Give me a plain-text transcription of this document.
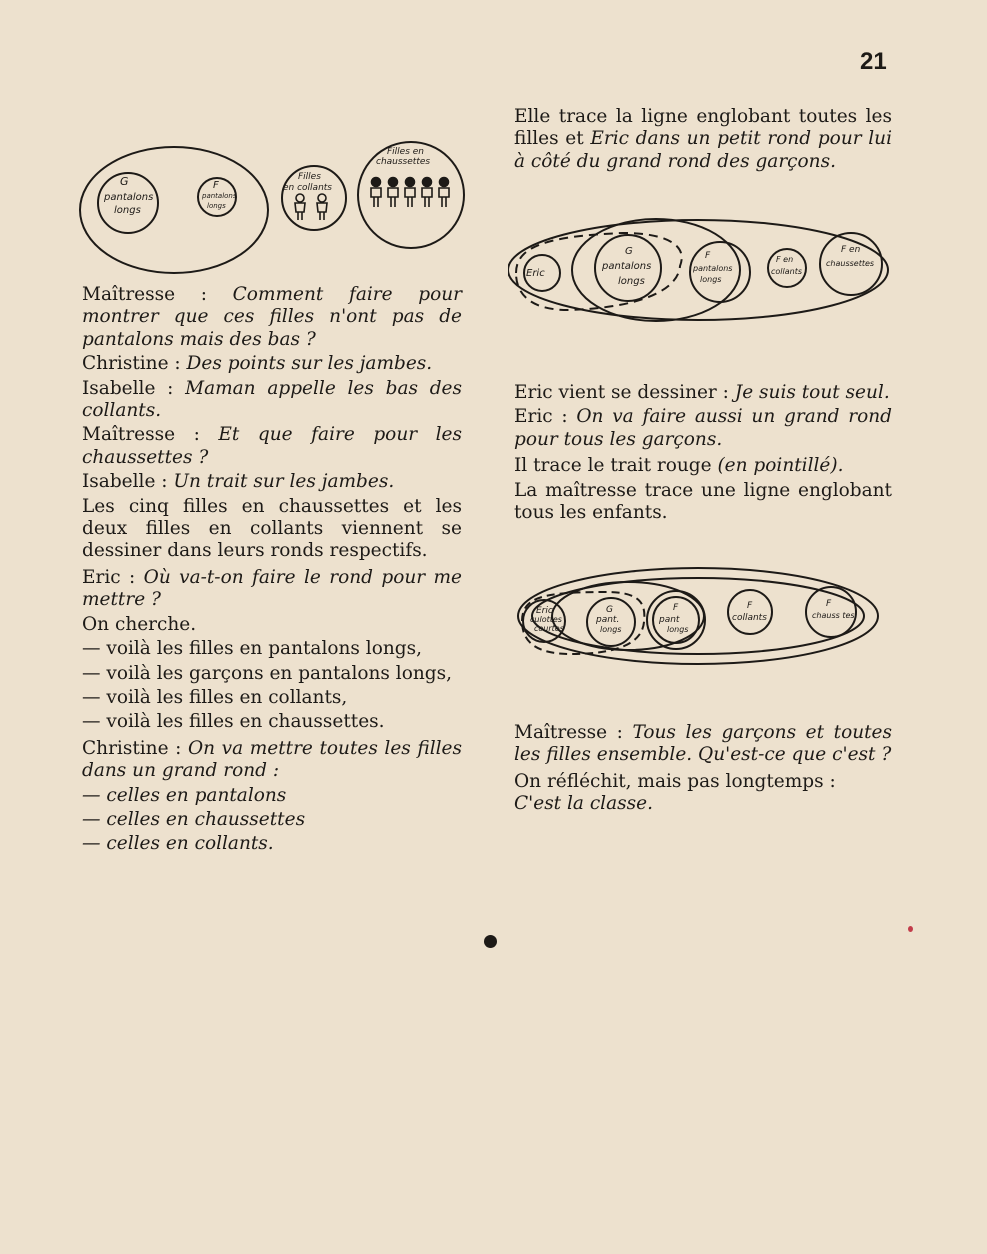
21
G
pantalons
longs
F
pantalons
longs
Filles
en collants
Filles en
chaussettes

Maîtresse : Comment faire pour montrer que ces filles n'ont pas de pantalons mais des bas ?

Christine : Des points sur les jambes.

Isabelle : Maman appelle les bas des collants.

Maîtresse : Et que faire pour les chaussettes ?

Isabelle : Un trait sur les jambes.

Les cinq filles en chaussettes et les deux filles en collants viennent se dessiner dans leurs ronds respectifs.

Eric : Où va-t-on faire le rond pour me mettre ?

On cherche.

— voilà les filles en pantalons longs,

— voilà les garçons en pantalons longs,

— voilà les filles en collants,

— voilà les filles en chaussettes.

Christine : On va mettre toutes les filles dans un grand rond :

— celles en pantalons

— celles en chaussettes

— celles en collants.

Elle trace la ligne englobant toutes les filles et Eric dans un petit rond pour lui à côté du grand rond des garçons.

Eric
G
pantalons
longs
F
pantalons
longs
F en
collants
F en
chaussettes

Eric vient se dessiner : Je suis tout seul.

Eric : On va faire aussi un grand rond pour tous les garçons.

Il trace le trait rouge (en pointillé).

La maîtresse trace une ligne englobant tous les enfants.

Eric
culottes
courtes
G
pant.
longs
F
pant
longs
F
collants
F
chauss tes

Maîtresse : Tous les garçons et toutes les filles ensemble. Qu'est-ce que c'est ?

On réfléchit, mais pas longtemps :
C'est la classe.
